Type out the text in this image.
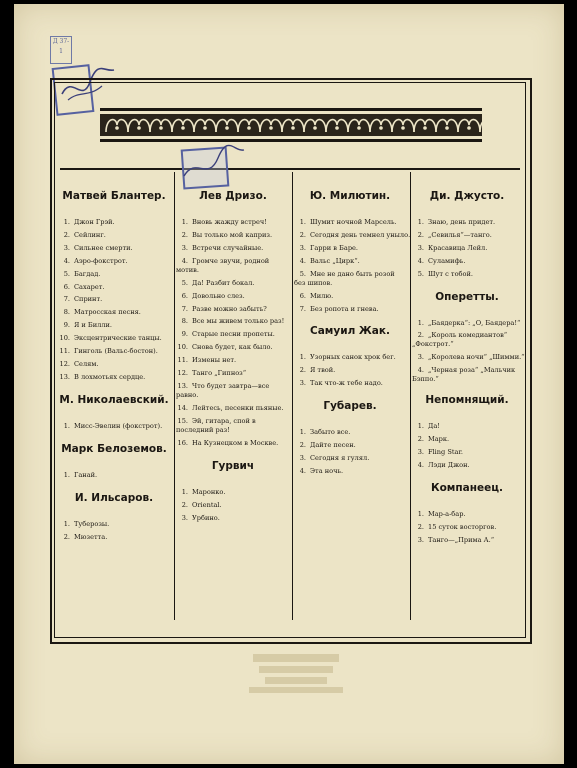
Д 37-1
Матвей Блантер.
1. Джон Грэй.
2. Сейлинг.
3. Сильнее смерти.
4. Аэро-фокстрот.
5. Багдад.
6. Сахарет.
7. Спринт.
8. Матросская песня.
9. Я и Билли.
10. Эксцентрические танцы.
11. Гинголь (Вальс-бостон).
12. Селям.
13. В лохмотьях сердце.
М. Николаевский.
1. Мисс-Эвелин (фокстрот).
Марк Белоземов.
1. Ганай.
И. Ильсаров.
1. Туберозы.
2. Мюзетта.
Лев Дризо.
1. Вновь жажду встреч!
2. Вы только мой каприз.
3. Встречи случайные.
4. Громче звучи, родной мотив.
5. Да! Разбит бокал.
6. Довольно слез.
7. Разве можно забыть?
8. Все мы живем только раз!
9. Старые песни пропеты.
10. Снова будет, как было.
11. Измены нет.
12. Танго „Гипноз“
13. Что будет завтра—все равно.
14. Лейтесь, песенки пьяные.
15. Эй, гитара, спой в последний раз!
16. На Кузнецком в Москве.
Гурвич
1. Маронко.
2. Oriental.
3. Урбино.
Ю. Милютин.
1. Шумит ночной Марсель.
2. Сегодня день темнел уныло.
3. Гарри в Баре.
4. Вальс „Цирк“.
5. Мне не дано быть розой без шипов.
6. Милю.
7. Без ропота и гнева.
Самуил Жак.
1. Узорных санок хрок бег.
2. Я твой.
3. Так что-ж тебе надо.
Губарев.
1. Забыто все.
2. Дайте песен.
3. Сегодня я гулял.
4. Эта ночь.
Ди. Джусто.
1. Знаю, день придет.
2. „Севилья“—танго.
3. Красавица Лейл.
4. Суламифь.
5. Шут с тобой.
Оперетты.
1. „Баядерка“: „О, Баядера!“
2. „Король комедиантов“ „Фокстрот.“
3. „Королева ночи“ „Шимми.“
4. „Черная роза“ „Мальчик Бэппо.“
Непомнящий.
1. Да!
2. Марк.
3. Fling Star.
4. Лэди Джон.
Компанеец.
1. Мар-а-бар.
2. 15 суток восторгов.
3. Танго—„Прима А.“
